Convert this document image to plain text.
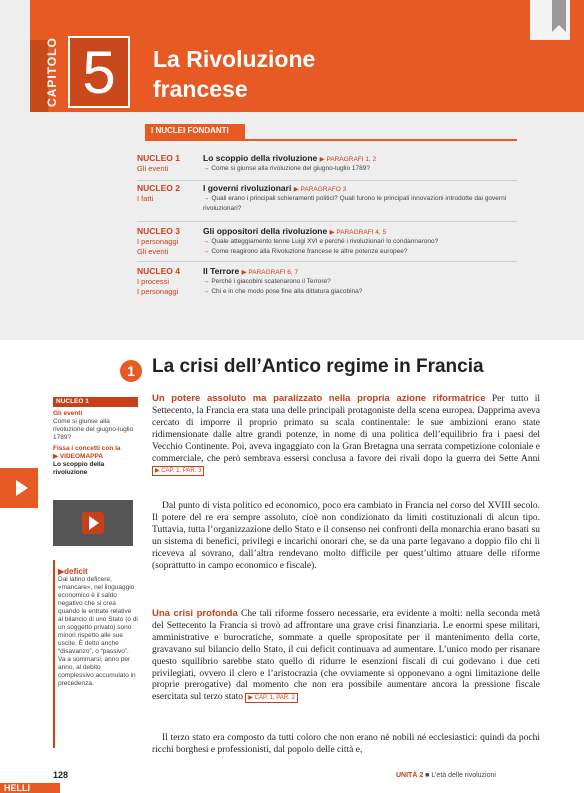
CAPITOLO 5	La Rivoluzione
francese
I NUCLEI FONDANTI
NUCLEO 1	Lo scoppio della rivoluzione ▶ PARAGRAFI 1, 2
Gli eventi	→ Come si giunse alla rivoluzione del giugno-luglio 1789?
NUCLEO 2	I governi rivoluzionari ▶ PARAGRAFO 3
I fatti	→ Quali erano i principali schieramenti politici? Quali furono le principali innovazioni introdotte dai governi rivoluzionari?
NUCLEO 3	Gli oppositori della rivoluzione ▶ PARAGRAFI 4, 5
I personaggi	→ Quale atteggiamento tenne Luigi XVI e perché i rivoluzionari lo condannarono?
Gli eventi	→ Come reagirono alla Rivoluzione francese le altre potenze europee?
NUCLEO 4	Il Terrore ▶ PARAGRAFI 6, 7
I processi	→ Perché i giacobini scatenarono il Terrore?
I personaggi	→ Chi e in che modo pose fine alla dittatura giacobina?
1 La crisi dell’Antico regime in Francia
NUCLEO 1
Gli eventi
Come si giunse alla rivoluzione del giugno-luglio 1789?
Fissa i concetti con la
▶ VIDEOMAPPA
Lo scoppio della rivoluzione
▶deficit
Dal latino deficere, «mancare», nel linguaggio economico è il saldo negativo che si crea quando le entrate relative al bilancio di uno Stato (o di un soggetto privato) sono minori rispetto alle sue uscite. È detto anche “disavanzo”, o “passivo”. Va a sommarsi, anno per anno, al debito complessivo accumulato in precedenza.
Un potere assoluto ma paralizzato nella propria azione riformatrice Per tutto il Settecento, la Francia era stata una delle principali protagoniste della scena europea. Dapprima aveva cercato di imporre il proprio primato su scala continentale: le sue ambizioni erano state ridimensionate dalle altre grandi potenze, in nome di una politica dell’equilibrio fra i paesi del Vecchio Continente. Poi, aveva ingaggiato con la Gran Bretagna una serrata competizione coloniale e commerciale, che però sembrava essersi conclusa a favore dei rivali dopo la guerra dei Sette Anni ▶ CAP. 1, PAR. 3
Dal punto di vista politico ed economico, poco era cambiato in Francia nel corso del XVIII secolo. Il potere del re era sempre assoluto, cioè non condizionato da limiti costituzionali di alcun tipo. Tuttavia, tutta l’organizzazione dello Stato e il consenso nei confronti della monarchia erano basati su un sistema di benefici, privilegi e incarichi onorari che, se da una parte legavano a doppio filo chi li riceveva al sovrano, dall’altra rendevano molto difficile per quest’ultimo attuare delle riforme (soprattutto in campo economico e fiscale).
Una crisi profonda Che tali riforme fossero necessarie, era evidente a molti: nella seconda metà del Settecento la Francia si trovò ad affrontare una grave crisi finanziaria. Le enormi spese militari, amministrative e burocratiche, sommate a quelle sproposítate per il mantenimento della corte, gravavano sul bilancio dello Stato, il cui deficit continuava ad aumentare. L’unico modo per risanare questo squilibrio sarebbe stato quello di ridurre le esenzioni fiscali di cui godevano i due ceti privilegiati, ovvero il clero e l’aristocrazia (che ovviamente si opponevano a ogni limitazione delle proprie prerogative) dal momento che non era possibile aumentare ancora la pressione fiscale esercitata sul terzo stato ▶ CAP. 1, PAR. 2
Il terzo stato era composto da tutti coloro che non erano né nobili né ecclesiastici: quindi da pochi ricchi borghesi e professionisti, dal popolo delle città e,
128	UNITÀ 2 ■ L’età delle rivoluzioni
HELLI
